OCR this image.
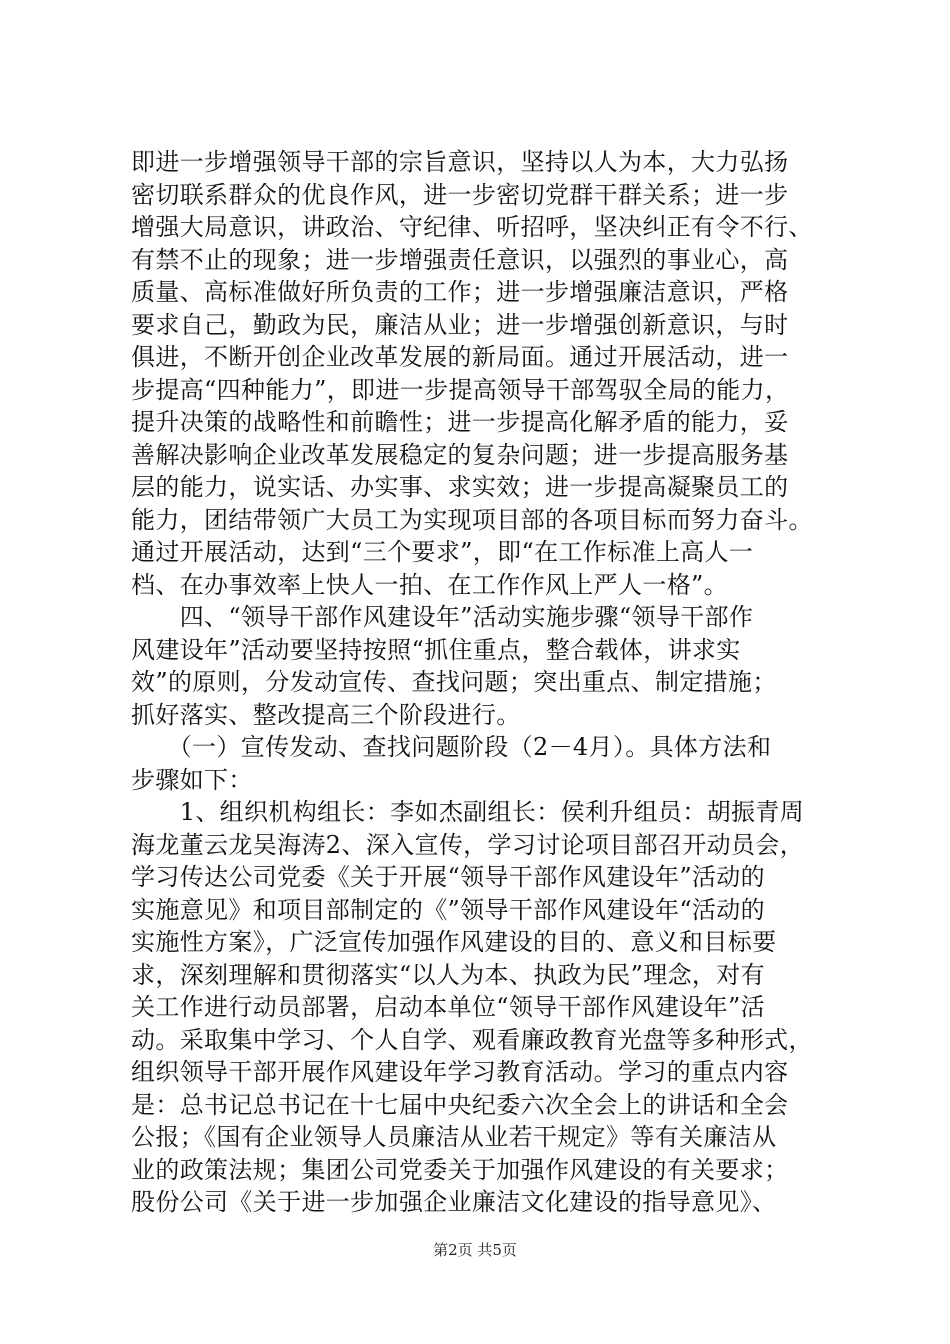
即进一步增强领导干部的宗旨意识，坚持以人为本，大力弘扬
密切联系群众的优良作风，进一步密切党群干群关系；进一步
增强大局意识，讲政治、守纪律、听招呼，坚决纠正有令不行、
有禁不止的现象；进一步增强责任意识，以强烈的事业心，高
质量、高标准做好所负责的工作；进一步增强廉洁意识，严格
要求自己，勤政为民，廉洁从业；进一步增强创新意识，与时
俱进，不断开创企业改革发展的新局面。通过开展活动，进一
步提高“四种能力”，即进一步提高领导干部驾驭全局的能力，
提升决策的战略性和前瞻性；进一步提高化解矛盾的能力，妥
善解决影响企业改革发展稳定的复杂问题；进一步提高服务基
层的能力，说实话、办实事、求实效；进一步提高凝聚员工的
能力，团结带领广大员工为实现项目部的各项目标而努力奋斗。
通过开展活动，达到“三个要求”，即“在工作标准上高人一
档、在办事效率上快人一拍、在工作作风上严人一格”。
　　四、“领导干部作风建设年”活动实施步骤“领导干部作
风建设年”活动要坚持按照“抓住重点，整合载体，讲求实
效”的原则，分发动宣传、查找问题；突出重点、制定措施；
抓好落实、整改提高三个阶段进行。
　　（一）宣传发动、查找问题阶段（2－4月）。具体方法和
步骤如下：
　　1、组织机构组长：李如杰副组长：侯利升组员：胡振青周
海龙董云龙吴海涛2、深入宣传，学习讨论项目部召开动员会，
学习传达公司党委《关于开展“领导干部作风建设年”活动的
实施意见》和项目部制定的《”领导干部作风建设年“活动的
实施性方案》，广泛宣传加强作风建设的目的、意义和目标要
求，深刻理解和贯彻落实“以人为本、执政为民”理念，对有
关工作进行动员部署，启动本单位“领导干部作风建设年”活
动。采取集中学习、个人自学、观看廉政教育光盘等多种形式，
组织领导干部开展作风建设年学习教育活动。学习的重点内容
是：总书记总书记在十七届中央纪委六次全会上的讲话和全会
公报；《国有企业领导人员廉洁从业若干规定》等有关廉洁从
业的政策法规；集团公司党委关于加强作风建设的有关要求；
股份公司《关于进一步加强企业廉洁文化建设的指导意见》、
第2页 共5页
